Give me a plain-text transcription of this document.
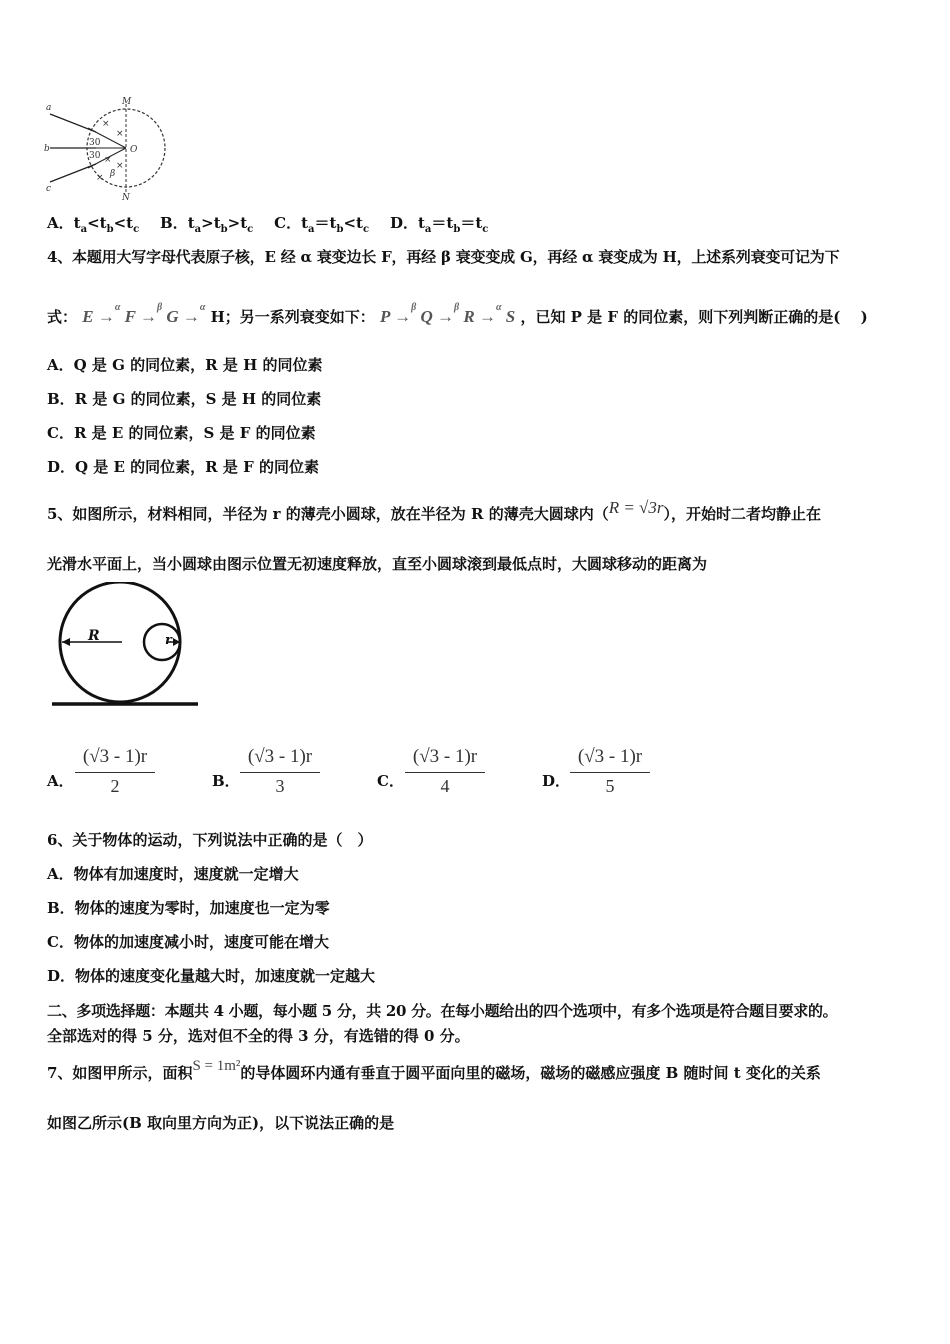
×
×
×
×
×
a
b
c
M
N
O
30
30
β
A．$t_a<t_b<t_c$ B．$t_a>t_b>t_c$ C．$t_a=t_b<t_c$ D．$t_a=t_b=t_c$
4、本题用大写字母代表原子核，E 经 α 衰变边长 F，再经 β 衰变变成 G，再经 α 衰变成为 H，上述系列衰变可记为下
式： E →$^\alpha$ F →$^\beta$ G →$^\alpha$ H；另一系列衰变如下： P →$^\beta$ Q →$^\beta$ R →$^\alpha$ S ，已知 P 是 F 的同位素，则下列判断正确的是(　 )
A．Q 是 G 的同位素，R 是 H 的同位素
B．R 是 G 的同位素，S 是 H 的同位素
C．R 是 E 的同位素，S 是 F 的同位素
D．Q 是 E 的同位素，R 是 F 的同位素
5、如图所示，材料相同，半径为 r 的薄壳小圆球，放在半径为 R 的薄壳大圆球内（R = √3r），开始时二者均静止在
光滑水平面上，当小圆球由图示位置无初速度释放，直至小圆球滚到最低点时，大圆球移动的距离为
R	r
A． $\frac{(√3 - 1)r}{2}$	B． $\frac{(√3 - 1)r}{3}$	C． $\frac{(√3 - 1)r}{4}$	D． $\frac{(√3 - 1)r}{5}$
6、关于物体的运动，下列说法中正确的是（　）
A．物体有加速度时，速度就一定增大
B．物体的速度为零时，加速度也一定为零
C．物体的加速度减小时，速度可能在增大
D．物体的速度变化量越大时，加速度就一定越大
二、多项选择题：本题共 4 小题，每小题 5 分，共 20 分。在每小题给出的四个选项中，有多个选项是符合题目要求的。
全部选对的得 5 分，选对但不全的得 3 分，有选错的得 0 分。
7、如图甲所示，面积S = 1m²的导体圆环内通有垂直于圆平面向里的磁场，磁场的磁感应强度 B 随时间 t 变化的关系
如图乙所示(B 取向里方向为正)，以下说法正确的是
